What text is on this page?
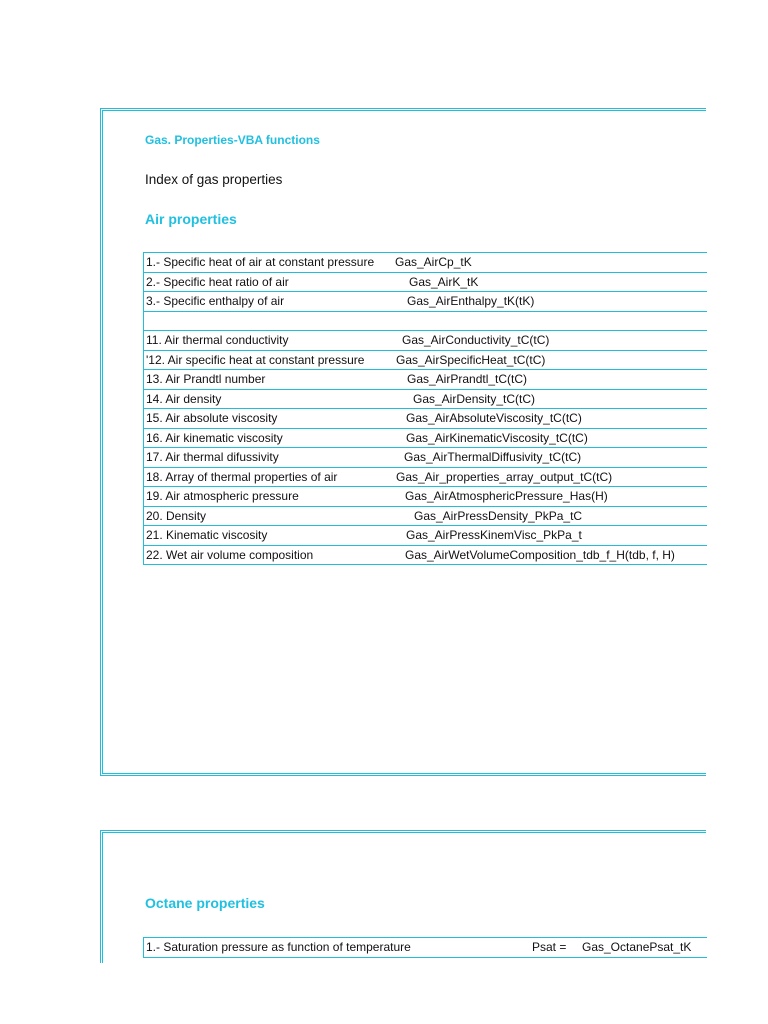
Gas. Properties-VBA functions
Index of gas properties
Air properties
1.- Specific heat of air at constant pressure Gas_AirCp_tK
2.- Specific heat ratio of air	Gas_AirK_tK
3.- Specific enthalpy of air	Gas_AirEnthalpy_tK(tK)
11. Air thermal conductivity	Gas_AirConductivity_tC(tC)
'12. Air specific heat at constant pressure	Gas_AirSpecificHeat_tC(tC)
13. Air Prandtl number	Gas_AirPrandtl_tC(tC)
14. Air density	Gas_AirDensity_tC(tC)
15. Air absolute viscosity	Gas_AirAbsoluteViscosity_tC(tC)
16. Air kinematic viscosity	Gas_AirKinematicViscosity_tC(tC)
17. Air thermal difussivity	Gas_AirThermalDiffusivity_tC(tC)
18. Array of thermal properties of air	Gas_Air_properties_array_output_tC(tC)
19. Air atmospheric pressure	Gas_AirAtmosphericPressure_Has(H)
20. Density	Gas_AirPressDensity_PkPa_tC
21. Kinematic viscosity	Gas_AirPressKinemVisc_PkPa_t
22. Wet air volume composition	Gas_AirWetVolumeComposition_tdb_f_H(tdb, f, H)
Octane properties
1.- Saturation pressure as function of temperature	Psat = Gas_OctanePsat_tK
